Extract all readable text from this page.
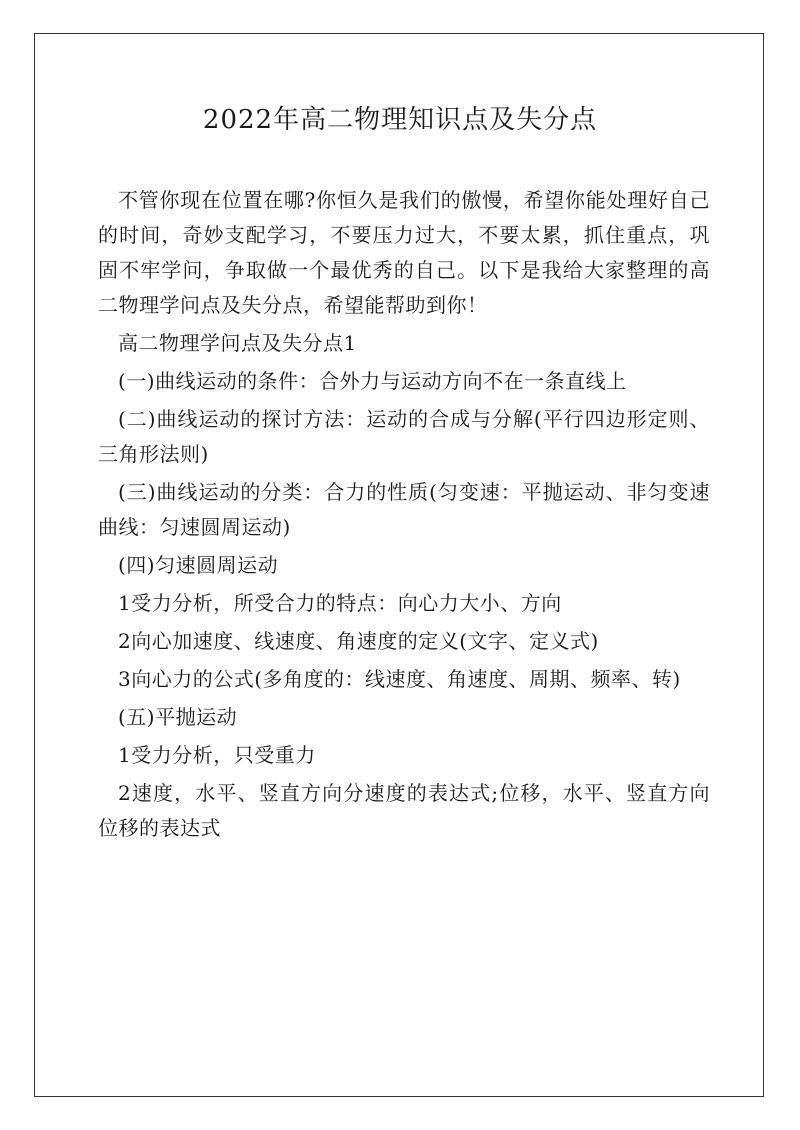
2022年高二物理知识点及失分点

不管你现在位置在哪?你恒久是我们的傲慢，希望你能处理好自己的时间，奇妙支配学习，不要压力过大，不要太累，抓住重点，巩固不牢学问，争取做一个最优秀的自己。以下是我给大家整理的高二物理学问点及失分点，希望能帮助到你！

高二物理学问点及失分点1

(一)曲线运动的条件：合外力与运动方向不在一条直线上

(二)曲线运动的探讨方法：运动的合成与分解(平行四边形定则、三角形法则)

(三)曲线运动的分类：合力的性质(匀变速：平抛运动、非匀变速曲线：匀速圆周运动)

(四)匀速圆周运动

1受力分析，所受合力的特点：向心力大小、方向

2向心加速度、线速度、角速度的定义(文字、定义式)

3向心力的公式(多角度的：线速度、角速度、周期、频率、转)

(五)平抛运动

1受力分析，只受重力

2速度，水平、竖直方向分速度的表达式;位移，水平、竖直方向位移的表达式
